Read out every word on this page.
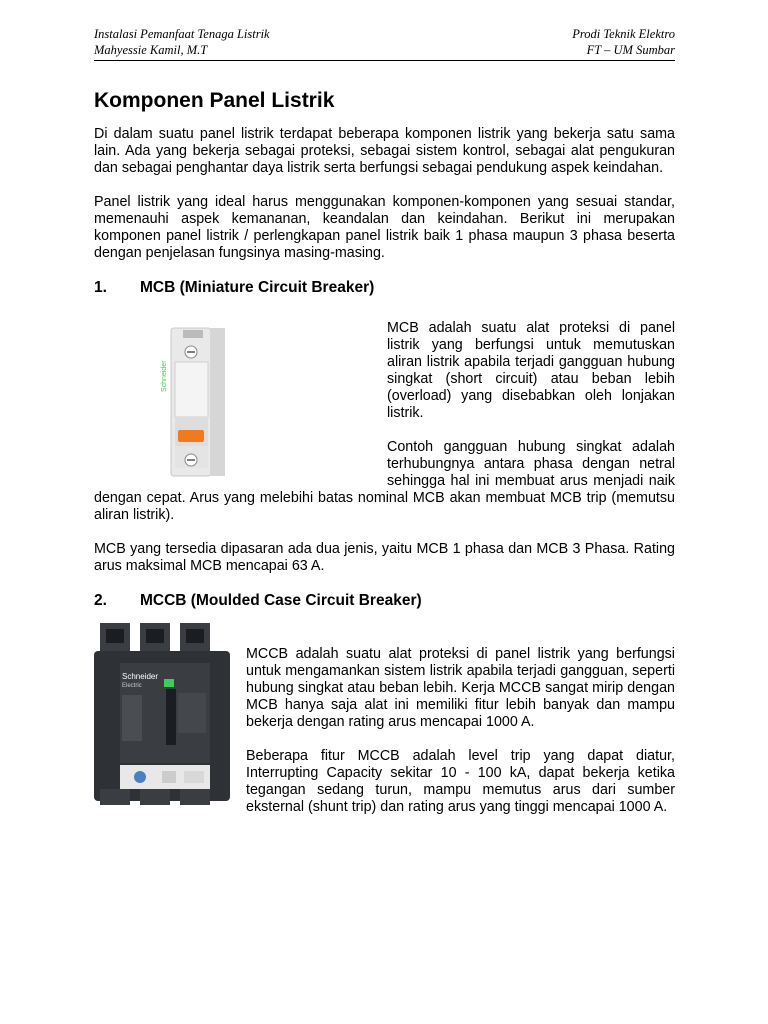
Instalasi Pemanfaat Tenaga Listrik	Prodi Teknik Elektro
Mahyessie Kamil, M.T	FT – UM Sumbar
Komponen Panel Listrik

Di dalam suatu panel listrik terdapat beberapa komponen listrik yang bekerja satu sama lain. Ada yang bekerja sebagai proteksi, sebagai sistem kontrol, sebagai alat pengukuran dan sebagai penghantar daya listrik serta berfungsi sebagai pendukung aspek keindahan.

Panel listrik yang ideal harus menggunakan komponen-komponen yang sesuai standar, memenauhi aspek kemananan, keandalan dan keindahan. Berikut ini merupakan komponen panel listrik / perlengkapan panel listrik baik 1 phasa maupun 3 phasa beserta dengan penjelasan fungsinya masing-masing.

1.	MCB (Miniature Circuit Breaker)
Schneider

MCB adalah suatu alat proteksi di panel listrik yang berfungsi untuk memutuskan aliran listrik apabila terjadi gangguan hubung singkat (short circuit) atau beban lebih (overload) yang disebabkan oleh lonjakan listrik.

Contoh gangguan hubung singkat adalah terhubungnya antara phasa dengan netral sehingga hal ini membuat arus menjadi naik dengan cepat. Arus yang melebihi batas nominal MCB akan membuat MCB trip (memutsu aliran listrik).

MCB yang tersedia dipasaran ada dua jenis, yaitu MCB 1 phasa dan MCB 3 Phasa. Rating arus maksimal MCB mencapai 63 A.

2.	MCCB (Moulded Case Circuit Breaker)
Schneider
Electric

MCCB adalah suatu alat proteksi di panel listrik yang berfungsi untuk mengamankan sistem listrik apabila terjadi gangguan, seperti hubung singkat atau beban lebih. Kerja MCCB sangat mirip dengan MCB hanya saja alat ini memiliki fitur lebih banyak dan mampu bekerja dengan rating arus mencapai 1000 A.

Beberapa fitur MCCB adalah level trip yang dapat diatur, Interrupting Capacity sekitar 10 - 100 kA, dapat bekerja ketika tegangan sedang turun, mampu memutus arus dari sumber eksternal (shunt trip) dan rating arus yang tinggi mencapai 1000 A.
